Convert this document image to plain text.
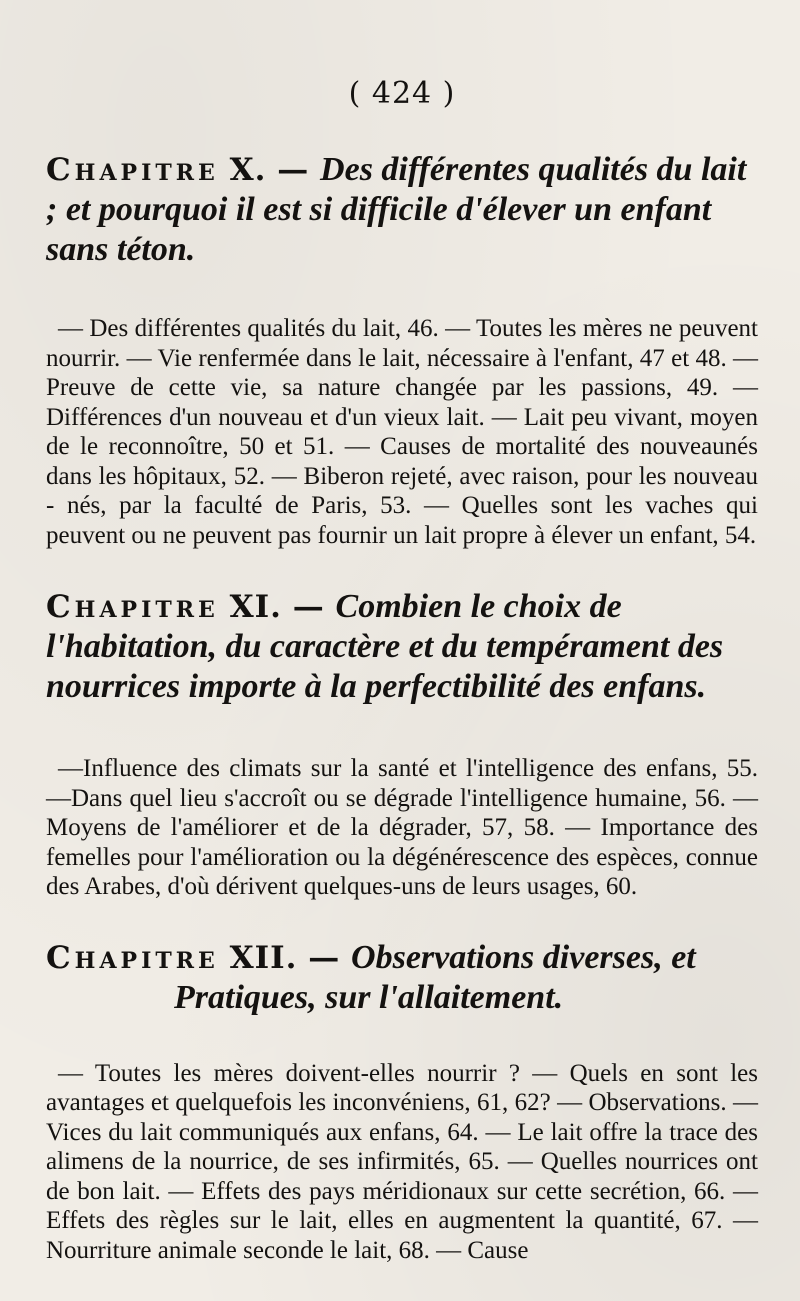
( 424 )
Chapitre X. — Des différentes qualités du lait ; et pourquoi il est si difficile d'élever un enfant sans téton.

— Des différentes qualités du lait, 46. — Toutes les mères ne peuvent nourrir. — Vie renfermée dans le lait, nécessaire à l'enfant, 47 et 48. — Preuve de cette vie, sa nature changée par les passions, 49. — Différences d'un nouveau et d'un vieux lait. — Lait peu vivant, moyen de le reconnoître, 50 et 51. — Causes de mortalité des nouveaunés dans les hôpitaux, 52. — Biberon rejeté, avec raison, pour les nouveau - nés, par la faculté de Paris, 53. — Quelles sont les vaches qui peuvent ou ne peuvent pas fournir un lait propre à élever un enfant, 54.

Chapitre XI. — Combien le choix de l'habitation, du caractère et du tempérament des nourrices importe à la perfectibilité des enfans.

—Influence des climats sur la santé et l'intelligence des enfans, 55. —Dans quel lieu s'accroît ou se dégrade l'intelligence humaine, 56. — Moyens de l'améliorer et de la dégrader, 57, 58. — Importance des femelles pour l'amélioration ou la dégénérescence des espèces, connue des Arabes, d'où dérivent quelques-uns de leurs usages, 60.

Chapitre XII. — Observations diverses, et
Pratiques, sur l'allaitement.

— Toutes les mères doivent-elles nourrir ? — Quels en sont les avantages et quelquefois les inconvéniens, 61, 62? — Observations. — Vices du lait communiqués aux enfans, 64. — Le lait offre la trace des alimens de la nourrice, de ses infirmités, 65. — Quelles nourrices ont de bon lait. — Effets des pays méridionaux sur cette secrétion, 66. — Effets des règles sur le lait, elles en augmentent la quantité, 67. — Nourriture animale seconde le lait, 68. — Cause
